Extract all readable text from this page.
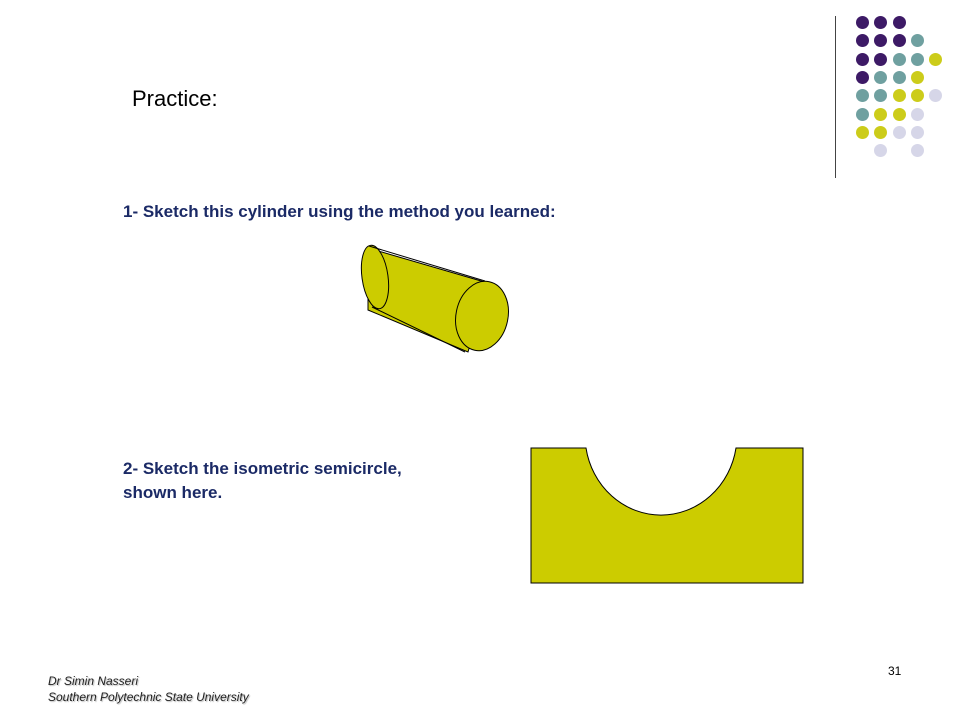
Practice:
1- Sketch this cylinder using the method you learned:
2- Sketch the isometric semicircle,
shown here.
Dr Simin Nasseri
Southern Polytechnic State University
31
